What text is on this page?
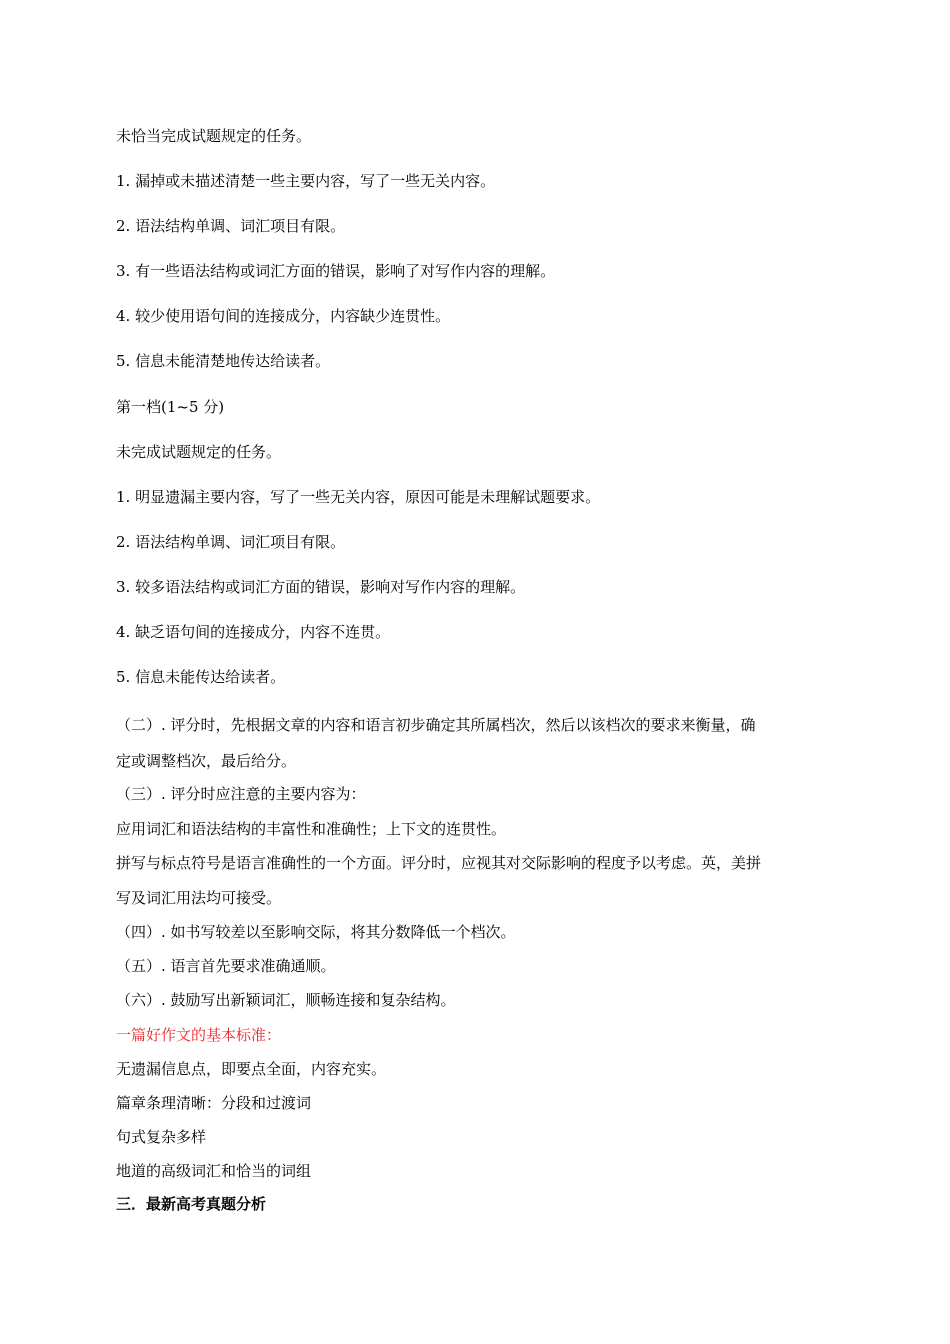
未恰当完成试题规定的任务。
1. 漏掉或未描述清楚一些主要内容，写了一些无关内容。
2. 语法结构单调、词汇项目有限。
3. 有一些语法结构或词汇方面的错误，影响了对写作内容的理解。
4. 较少使用语句间的连接成分，内容缺少连贯性。
5. 信息未能清楚地传达给读者。
第一档(1~5 分)
未完成试题规定的任务。
1. 明显遗漏主要内容，写了一些无关内容，原因可能是未理解试题要求。
2. 语法结构单调、词汇项目有限。
3. 较多语法结构或词汇方面的错误，影响对写作内容的理解。
4. 缺乏语句间的连接成分，内容不连贯。
5. 信息未能传达给读者。
（二）. 评分时，先根据文章的内容和语言初步确定其所属档次，然后以该档次的要求来衡量，确
定或调整档次，最后给分。
（三）. 评分时应注意的主要内容为：
应用词汇和语法结构的丰富性和准确性；上下文的连贯性。
拼写与标点符号是语言准确性的一个方面。评分时，应视其对交际影响的程度予以考虑。英，美拼
写及词汇用法均可接受。
（四）. 如书写较差以至影响交际，将其分数降低一个档次。
（五）. 语言首先要求准确通顺。
（六）. 鼓励写出新颖词汇，顺畅连接和复杂结构。
一篇好作文的基本标准：
无遗漏信息点，即要点全面，内容充实。
篇章条理清晰：分段和过渡词
句式复杂多样
地道的高级词汇和恰当的词组
三．最新高考真题分析
